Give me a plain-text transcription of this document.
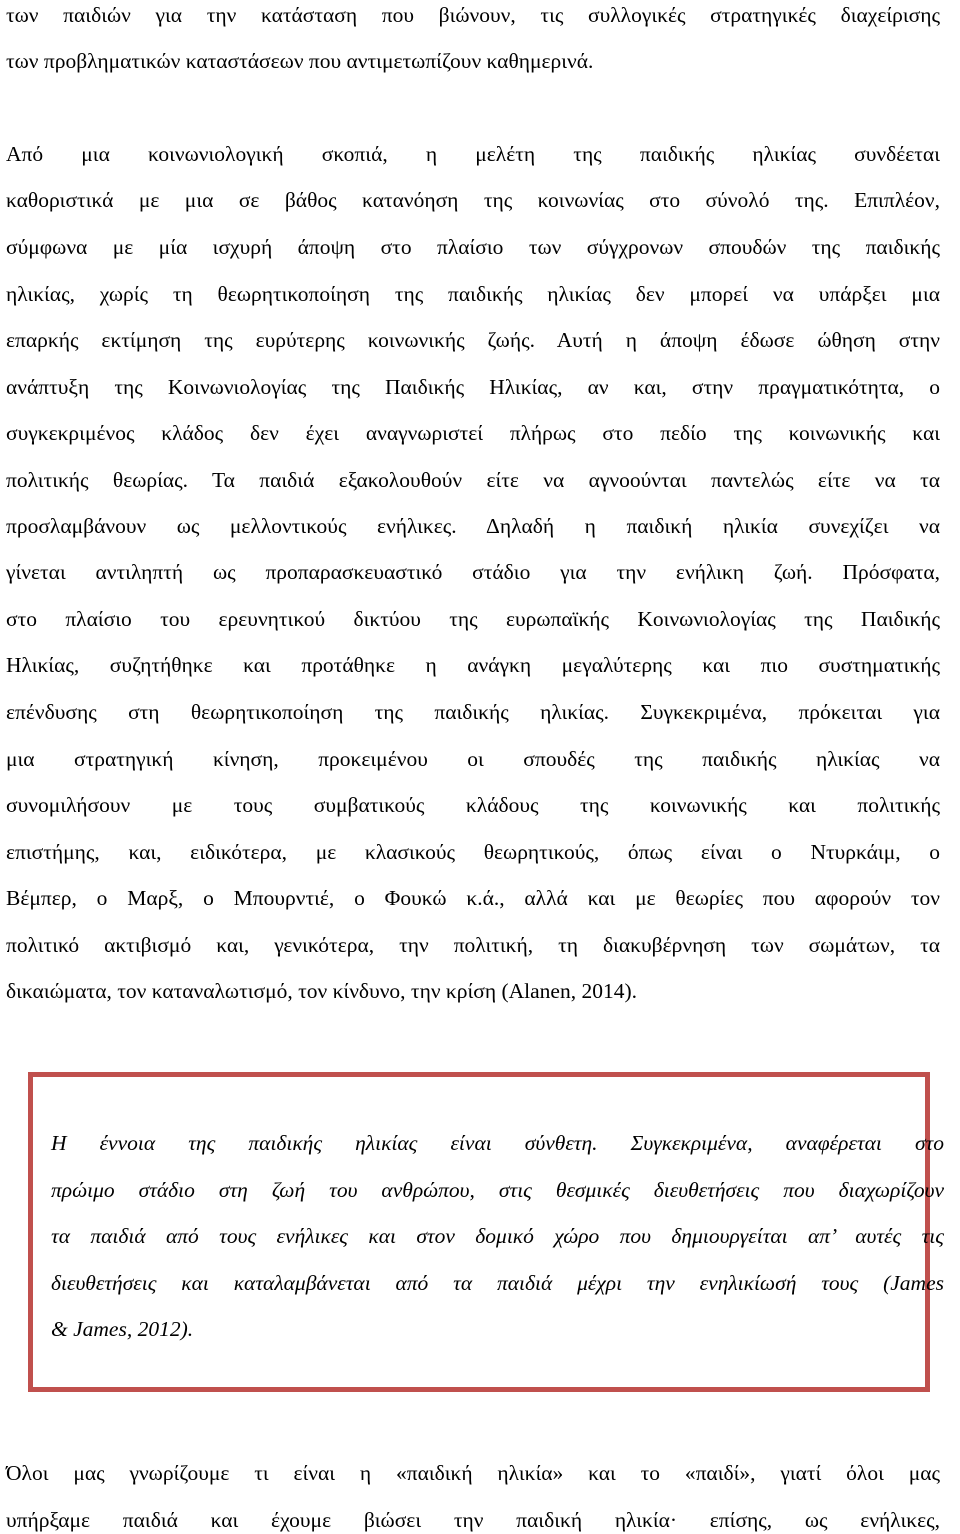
των παιδιών για την κατάσταση που βιώνουν, τις συλλογικές στρατηγικές διαχείρισης
των προβληματικών καταστάσεων που αντιμετωπίζουν καθημερινά.
Από μια κοινωνιολογική σκοπιά, η μελέτη της παιδικής ηλικίας συνδέεται
καθοριστικά με μια σε βάθος κατανόηση της κοινωνίας στο σύνολό της. Επιπλέον,
σύμφωνα με μία ισχυρή άποψη στο πλαίσιο των σύγχρονων σπουδών της παιδικής
ηλικίας, χωρίς τη θεωρητικοποίηση της παιδικής ηλικίας δεν μπορεί να υπάρξει μια
επαρκής εκτίμηση της ευρύτερης κοινωνικής ζωής. Αυτή η άποψη έδωσε ώθηση στην
ανάπτυξη της Κοινωνιολογίας της Παιδικής Ηλικίας, αν και, στην πραγματικότητα, ο
συγκεκριμένος κλάδος δεν έχει αναγνωριστεί πλήρως στο πεδίο της κοινωνικής και
πολιτικής θεωρίας. Τα παιδιά εξακολουθούν είτε να αγνοούνται παντελώς είτε να τα
προσλαμβάνουν ως μελλοντικούς ενήλικες. Δηλαδή η παιδική ηλικία συνεχίζει να
γίνεται αντιληπτή ως προπαρασκευαστικό στάδιο για την ενήλικη ζωή. Πρόσφατα,
στο πλαίσιο του ερευνητικού δικτύου της ευρωπαϊκής Κοινωνιολογίας της Παιδικής
Ηλικίας, συζητήθηκε και προτάθηκε η ανάγκη μεγαλύτερης και πιο συστηματικής
επένδυσης στη θεωρητικοποίηση της παιδικής ηλικίας. Συγκεκριμένα, πρόκειται για
μια στρατηγική κίνηση, προκειμένου οι σπουδές της παιδικής ηλικίας να
συνομιλήσουν με τους συμβατικούς κλάδους της κοινωνικής και πολιτικής
επιστήμης, και, ειδικότερα, με κλασικούς θεωρητικούς, όπως είναι ο Ντυρκάιμ, ο
Βέμπερ, ο Μαρξ, ο Μπουρντιέ, ο Φουκώ κ.ά., αλλά και με θεωρίες που αφορούν τον
πολιτικό ακτιβισμό και, γενικότερα, την πολιτική, τη διακυβέρνηση των σωμάτων, τα
δικαιώματα, τον καταναλωτισμό, τον κίνδυνο, την κρίση (Alanen, 2014).
Η έννοια της παιδικής ηλικίας είναι σύνθετη. Συγκεκριμένα, αναφέρεται στο
πρώιμο στάδιο στη ζωή του ανθρώπου, στις θεσμικές διευθετήσεις που διαχωρίζουν
τα παιδιά από τους ενήλικες και στον δομικό χώρο που δημιουργείται απ’ αυτές τις
διευθετήσεις και καταλαμβάνεται από τα παιδιά μέχρι την ενηλικίωσή τους (James
& James, 2012).
Όλοι μας γνωρίζουμε τι είναι η «παιδική ηλικία» και το «παιδί», γιατί όλοι μας
υπήρξαμε παιδιά και έχουμε βιώσει την παιδική ηλικία· επίσης, ως ενήλικες,
